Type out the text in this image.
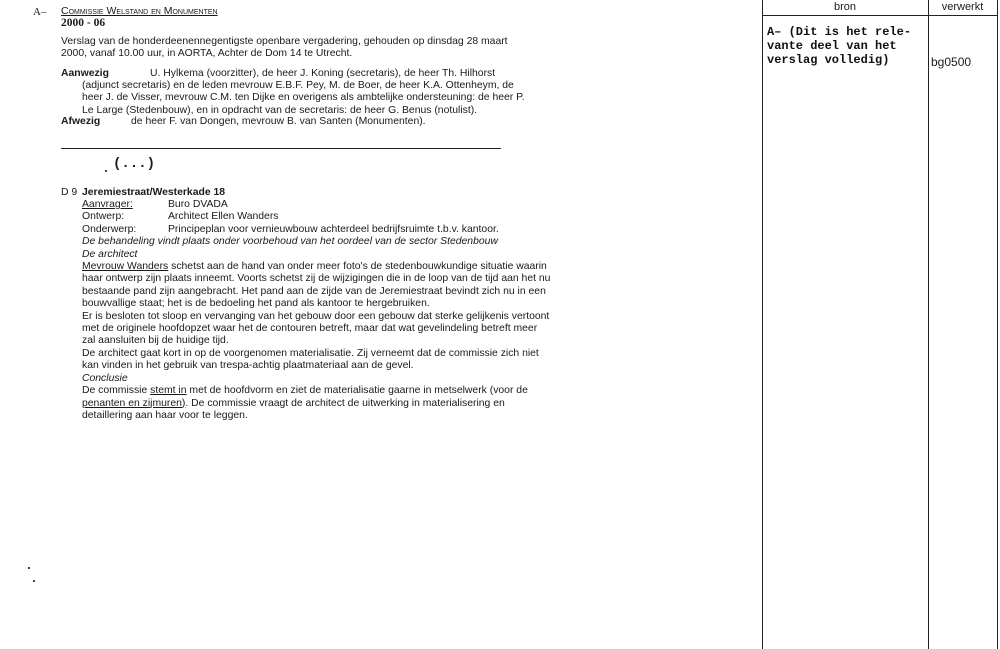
A– Commissie Welstand en Monumenten
2000 - 06
Verslag van de honderdeenennegentigste openbare vergadering, gehouden op dinsdag 28 maart
2000, vanaf 10.00 uur, in AORTA, Achter de Dom 14 te Utrecht.
Aanwezig	U. Hylkema (voorzitter), de heer J. Koning (secretaris), de heer Th. Hilhorst
(adjunct secretaris) en de leden mevrouw E.B.F. Pey, M. de Boer, de heer K.A. Ottenheym, de
heer J. de Visser, mevrouw C.M. ten Dijke en overigens als ambtelijke ondersteuning: de heer P.
Le Large (Stedenbouw), en in opdracht van de secretaris: de heer G. Benus (notulist).
Afwezig	de heer F. van Dongen, mevrouw B. van Santen (Monumenten).
(...)
D 9 Jeremiestraat/Westerkade 18
Aanvrager:	Buro DVADA
Ontwerp:	Architect Ellen Wanders
Onderwerp:	Principeplan voor vernieuwbouw achterdeel bedrijfsruimte t.b.v. kantoor.
De behandeling vindt plaats onder voorbehoud van het oordeel van de sector Stedenbouw
De architect
Mevrouw Wanders schetst aan de hand van onder meer foto's de stedenbouwkundige situatie waarin
haar ontwerp zijn plaats inneemt. Voorts schetst zij de wijzigingen die in de loop van de tijd aan het nu
bestaande pand zijn aangebracht. Het pand aan de zijde van de Jeremiestraat bevindt zich nu in een
bouwvallige staat; het is de bedoeling het pand als kantoor te hergebruiken.
Er is besloten tot sloop en vervanging van het gebouw door een gebouw dat sterke gelijkenis vertoont
met de originele hoofdopzet waar het de contouren betreft, maar dat wat gevelindeling betreft meer
zal aansluiten bij de huidige tijd.
De architect gaat kort in op de voorgenomen materialisatie. Zij verneemt dat de commissie zich niet
kan vinden in het gebruik van trespa-achtig plaatmateriaal aan de gevel.
Conclusie
De commissie stemt in met de hoofdvorm en ziet de materialisatie gaarne in metselwerk (voor de
penanten en zijmuren). De commissie vraagt de architect de uitwerking in materialisering en
detaillering aan haar voor te leggen.
bron	verwerkt
A– (Dit is het rele-
vante deel van het
verslag volledig)	bg0500
